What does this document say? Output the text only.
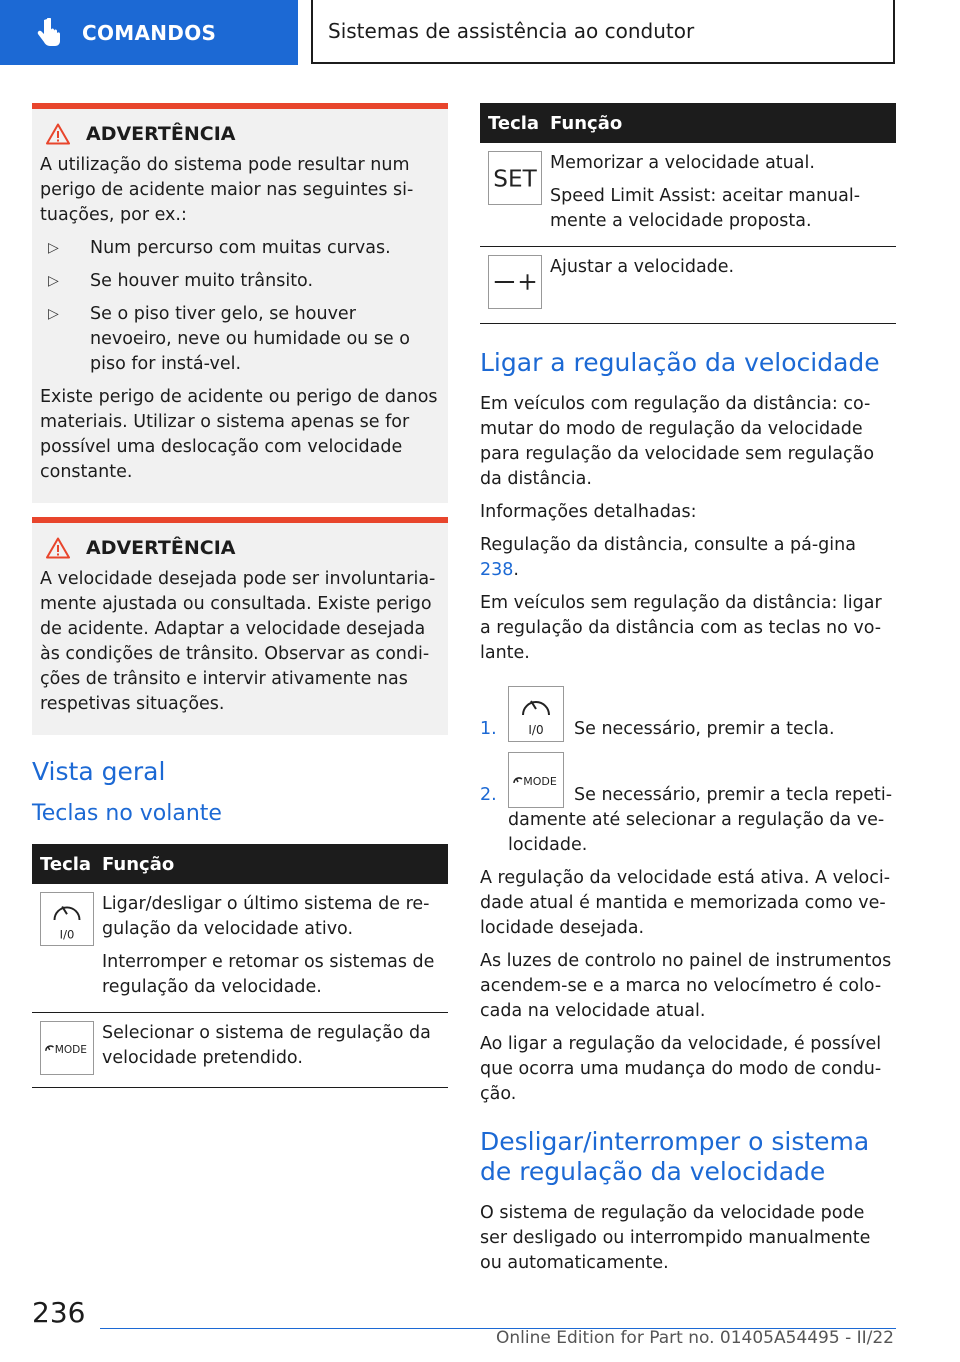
COMANDOS	Sistemas de assistência ao condutor
ADVERTÊNCIA

A utilização do sistema pode resultar num perigo de acidente maior nas seguintes si-tuações, por ex.:

▷	Num percurso com muitas curvas.
▷	Se houver muito trânsito.
▷	Se o piso tiver gelo, se houver nevoeiro, neve ou humidade ou se o piso for instá-vel.

Existe perigo de acidente ou perigo de danos materiais. Utilizar o sistema apenas se for possível uma deslocação com velocidade constante.

ADVERTÊNCIA

A velocidade desejada pode ser involuntaria-mente ajustada ou consultada. Existe perigo de acidente. Adaptar a velocidade desejada às condições de trânsito. Observar as condi-ções de trânsito e intervir ativamente nas respetivas situações.

Vista geral
Teclas no volante
Tecla	Função

I/0	Ligar/desligar o último sistema de re-gulação da velocidade ativo.

Interromper e retomar os sistemas de regulação da velocidade.

MODE	Selecionar o sistema de regulação da velocidade pretendido.

Tecla	Função

SET	Memorizar a velocidade atual.

Speed Limit Assist: aceitar manual-mente a velocidade proposta.

Ajustar a velocidade.

Ligar a regulação da velocidade

Em veículos com regulação da distância: co-mutar do modo de regulação da velocidade para regulação da velocidade sem regulação da distância.

Informações detalhadas:

Regulação da distância, consulte a pá-gina 238.

Em veículos sem regulação da distância: ligar a regulação da distância com as teclas no vo-lante.

1.	I/0 Se necessário, premir a tecla.
2.
MODE
Se necessário, premir a tecla repeti-
damente até selecionar a regulação da ve-locidade.

A regulação da velocidade está ativa. A veloci-dade atual é mantida e memorizada como ve-locidade desejada.

As luzes de controlo no painel de instrumentos acendem-se e a marca no velocímetro é colo-cada na velocidade atual.

Ao ligar a regulação da velocidade, é possível que ocorra uma mudança do modo de condu-ção.

Desligar/interromper o sistema de regulação da velocidade

O sistema de regulação da velocidade pode ser desligado ou interrompido manualmente ou automaticamente.

236
Online Edition for Part no. 01405A54495 - II/22
